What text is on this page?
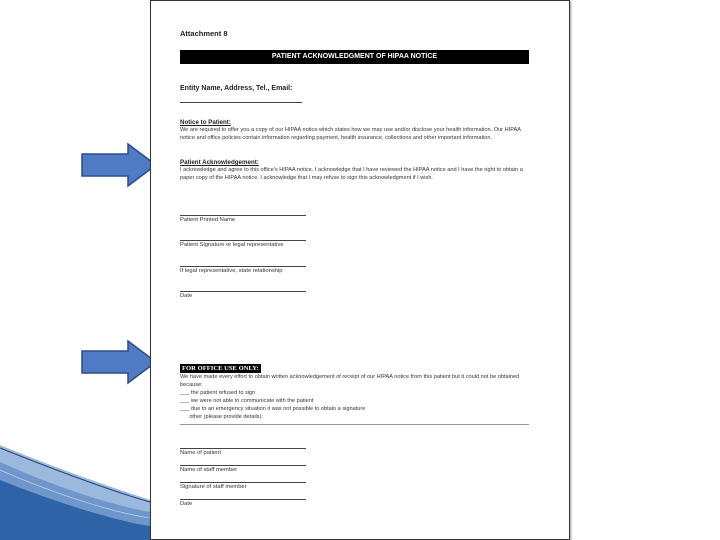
Attachment 8
PATIENT ACKNOWLEDGMENT OF HIPAA NOTICE
Entity Name, Address, Tel., Email:
Notice to Patient:
We are required to offer you a copy of our HIPAA notice which states how we may use and/or disclose your health information. Our HIPAA notice and office policies contain information regarding payment, health insurance, collections and other important information.
Patient Acknowledgement:
I acknowledge and agree to this office's HIPAA notice. I acknowledge that I have reviewed the HIPAA notice and I have the right to obtain a paper copy of the HIPAA notice. I acknowledge that I may refuse to sign this acknowledgment if I wish.
Patient Printed Name
Patient Signature or legal representative
If legal representative, state relationship
Date
FOR OFFICE USE ONLY:
We have made every effort to obtain written acknowledgement of receipt of our HIPAA notice from this patient but it could not be obtained because:
___ the patient refused to sign
___ we were not able to communicate with the patient
___ due to an emergency situation it was not possible to obtain a signature
other (please provide details):
Name of patient
Name of staff member
Signature of staff member
Date
